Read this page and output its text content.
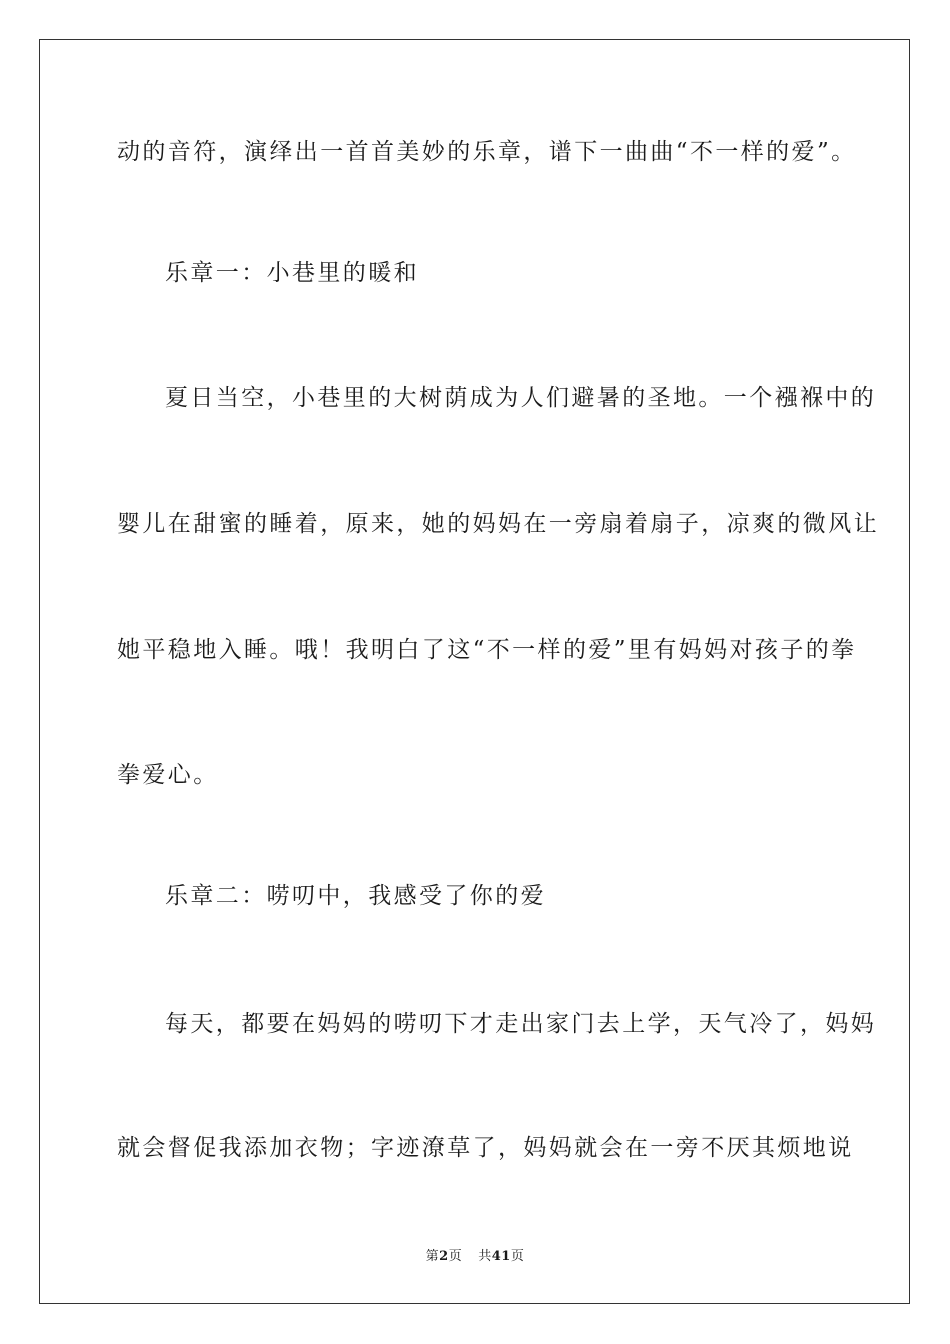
动的音符，演绎出一首首美妙的乐章，谱下一曲曲“不一样的爱”。
乐章一：小巷里的暖和
夏日当空，小巷里的大树荫成为人们避暑的圣地。一个襁褓中的
婴儿在甜蜜的睡着，原来，她的妈妈在一旁扇着扇子，凉爽的微风让
她平稳地入睡。哦！我明白了这“不一样的爱”里有妈妈对孩子的拳
拳爱心。
乐章二：唠叨中，我感受了你的爱
每天，都要在妈妈的唠叨下才走出家门去上学，天气冷了，妈妈
就会督促我添加衣物；字迹潦草了，妈妈就会在一旁不厌其烦地说
第2页 共41页
